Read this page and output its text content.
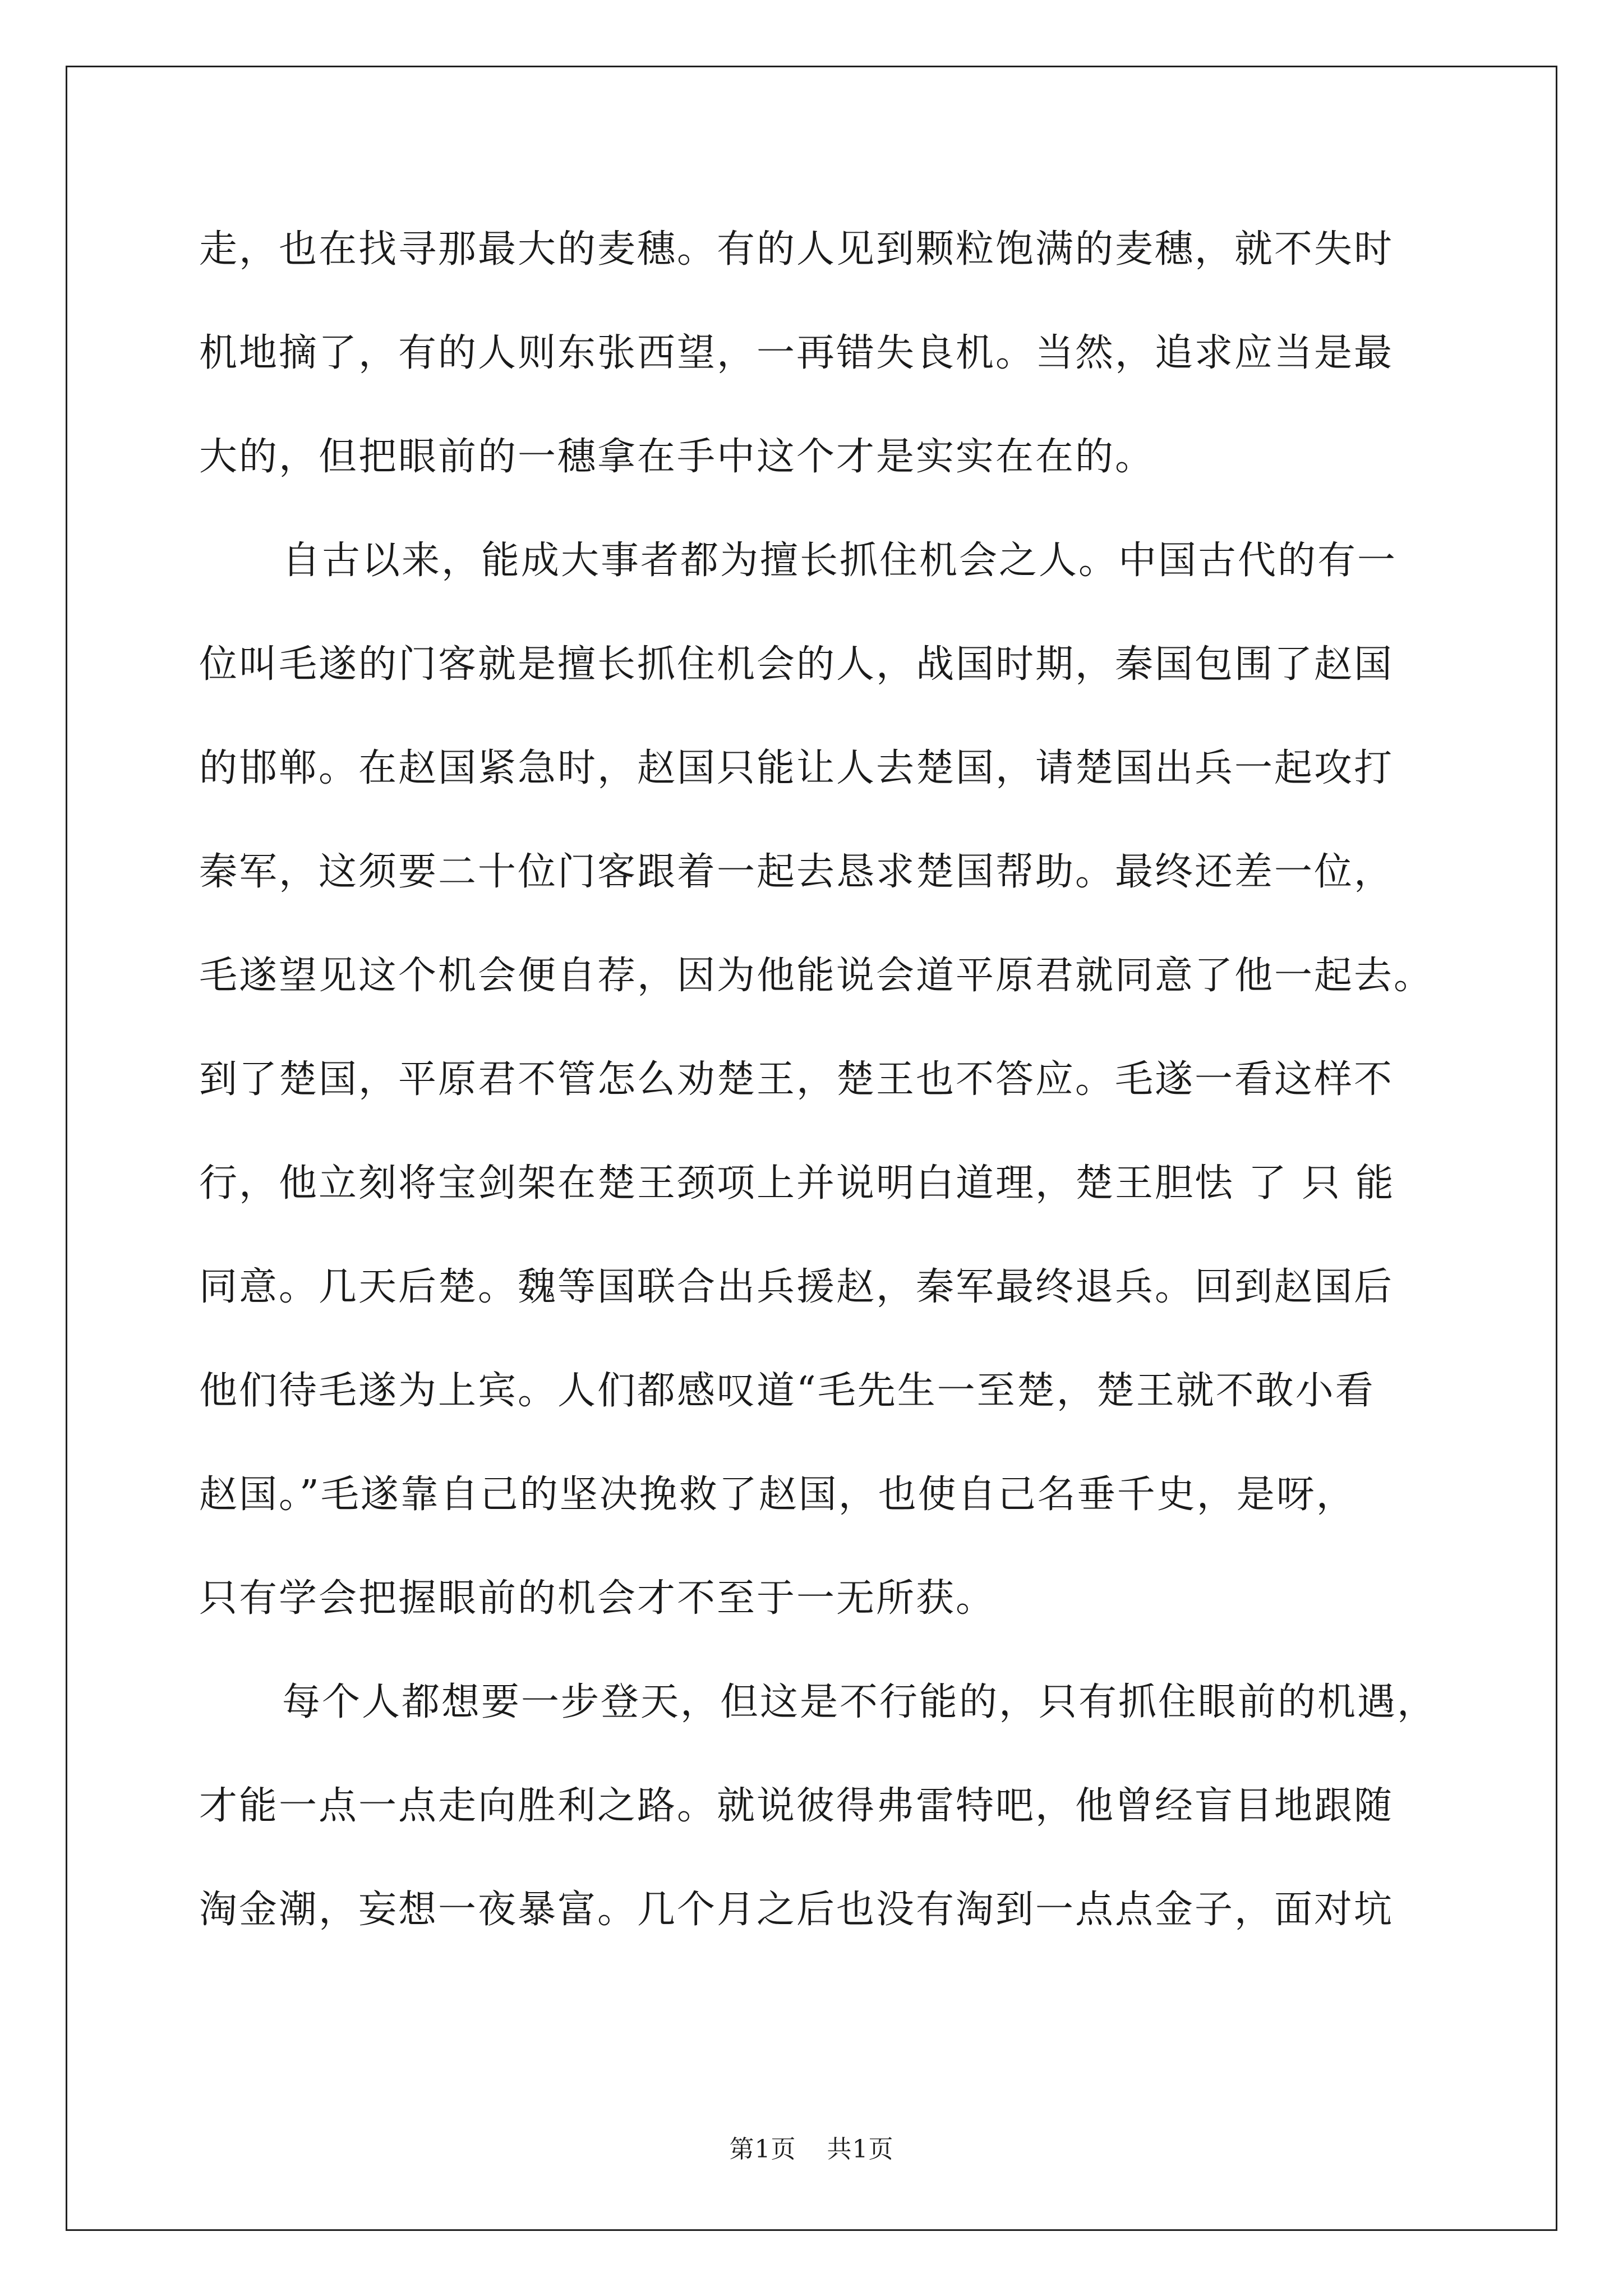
走，也在找寻那最大的麦穗。有的人见到颗粒饱满的麦穗，就不失时
机地摘了，有的人则东张西望，一再错失良机。当然，追求应当是最
大的，但把眼前的一穗拿在手中这个才是实实在在的。
自古以来，能成大事者都为擅长抓住机会之人。中国古代的有一
位叫毛遂的门客就是擅长抓住机会的人，战国时期，秦国包围了赵国
的邯郸。在赵国紧急时，赵国只能让人去楚国，请楚国出兵一起攻打
秦军，这须要二十位门客跟着一起去恳求楚国帮助。最终还差一位，
毛遂望见这个机会便自荐，因为他能说会道平原君就同意了他一起去。
到了楚国，平原君不管怎么劝楚王，楚王也不答应。毛遂一看这样不
行，他立刻将宝剑架在楚王颈项上并说明白道理，楚王胆怯 了 只 能
同意。几天后楚。魏等国联合出兵援赵，秦军最终退兵。回到赵国后
他们待毛遂为上宾。人们都感叹道“毛先生一至楚，楚王就不敢小看
赵国。”毛遂靠自己的坚决挽救了赵国，也使自己名垂千史，是呀，
只有学会把握眼前的机会才不至于一无所获。
每个人都想要一步登天，但这是不行能的，只有抓住眼前的机遇，
才能一点一点走向胜利之路。就说彼得弗雷特吧，他曾经盲目地跟随
淘金潮，妄想一夜暴富。几个月之后也没有淘到一点点金子，面对坑
第1页 共1页
